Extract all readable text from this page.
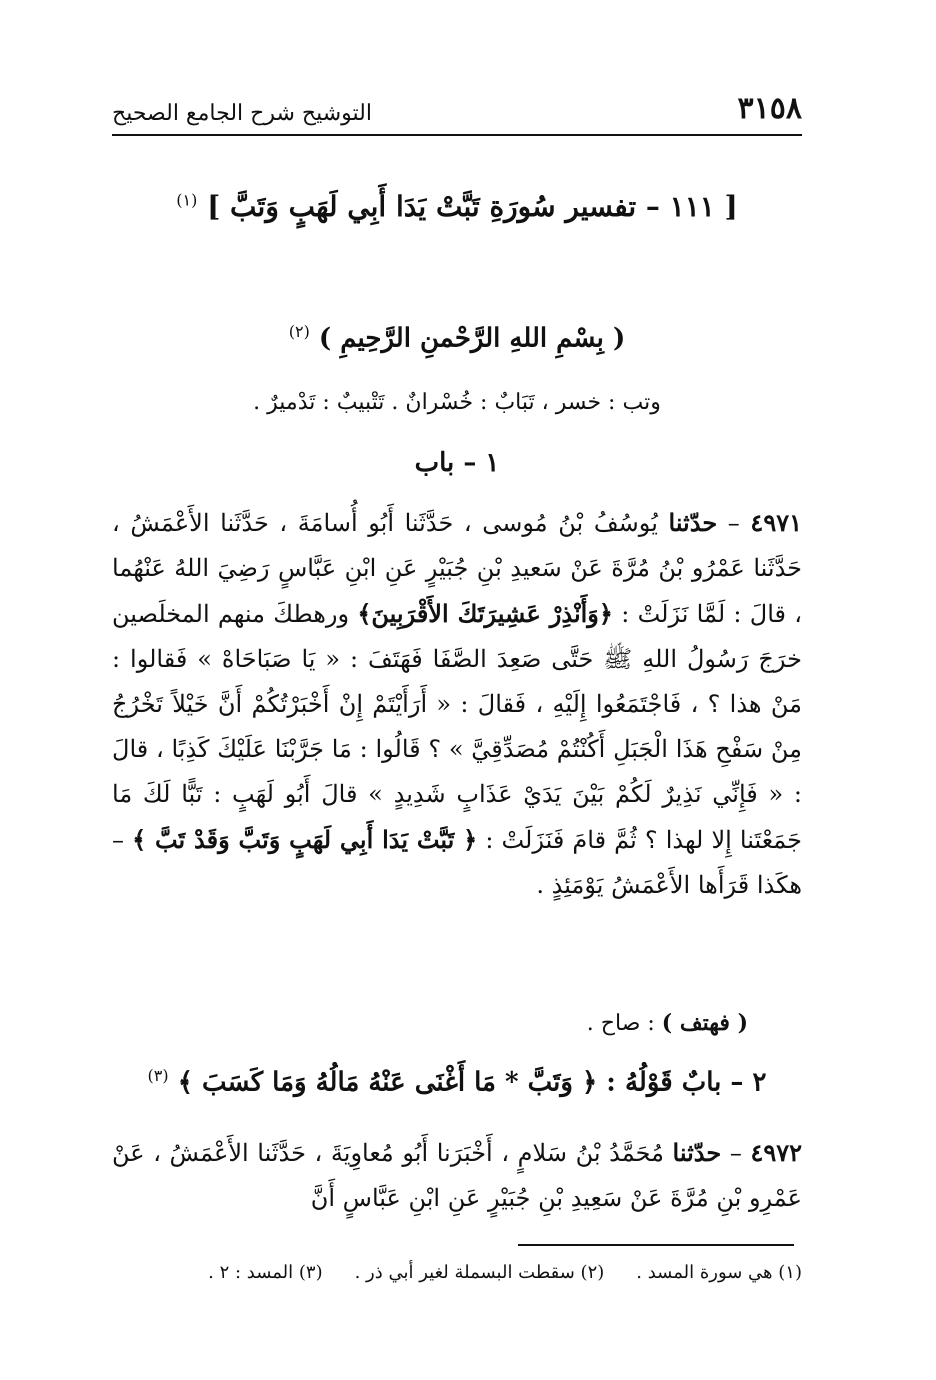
٣١٥٨
التوشيح شرح الجامع الصحيح
[ ١١١ – تفسير سُورَةِ تَبَّتْ يَدَا أَبِي لَهَبٍ وَتَبَّ ] $^{(١)}$
( بِسْمِ اللهِ الرَّحْمنِ الرَّحِيمِ ) $^{(٢)}$
وتب : خسر ، تَبَابٌ : خُسْرانٌ . تَتْبيبٌ : تَدْميرٌ .
١ – باب
٤٩٧١ – حدّثنا يُوسُفُ بْنُ مُوسى ، حَدَّثَنا أَبُو أُسامَةَ ، حَدَّثَنا الأَعْمَشُ ، حَدَّثَنا عَمْرُو بْنُ مُرَّةَ عَنْ سَعيدِ بْنِ جُبَيْرٍ عَنِ ابْنِ عَبَّاسٍ رَضِيَ اللهُ عَنْهُما ، قالَ : لَمَّا نَزَلَتْ : ﴿وَأَنْذِرْ عَشِيرَتَكَ الأَقْرَبِينَ﴾ ورهطكَ منهم المخلَصين خرَجَ رَسُولُ اللهِ ﷺ حَتَّى صَعِدَ الصَّفَا فَهَتَفَ : « يَا صَبَاحَاهْ » فَقالوا : مَنْ هذا ؟ ، فَاجْتَمَعُوا إِلَيْهِ ، فَقالَ : « أَرَأَيْتَمْ إِنْ أَخْبَرْتُكُمْ أَنَّ خَيْلاً تَخْرُجُ مِنْ سَفْحِ هَذَا الْجَبَلِ أَكُنْتُمْ مُصَدِّقِيَّ » ؟ قَالُوا : مَا جَرَّبْنَا عَلَيْكَ كَذِبًا ، قالَ : « فَإِنِّي نَذِيرٌ لَكُمْ بَيْنَ يَدَيْ عَذَابٍ شَدِيدٍ » قالَ أَبُو لَهَبٍ : تَبًّا لَكَ مَا جَمَعْتَنا إِلا لهذا ؟ ثُمَّ قامَ فَنَزَلَتْ : ﴿ تَبَّتْ يَدَا أَبِي لَهَبٍ وَتَبَّ وَقَدْ تَبَّ ﴾ – هكَذا قَرَأَها الأَعْمَشُ يَوْمَئِذٍ .
( فهتف ) : صاح .
٢ – بابٌ قَوْلُهُ : ﴿ وَتَبَّ * مَا أَغْنَى عَنْهُ مَالُهُ وَمَا كَسَبَ ﴾ $^{(٣)}$
٤٩٧٢ – حدّثنا مُحَمَّدُ بْنُ سَلامٍ ، أَخْبَرَنا أَبُو مُعاوِيَةَ ، حَدَّثَنا الأَعْمَشُ ، عَنْ عَمْرِو بْنِ مُرَّةَ عَنْ سَعِيدِ بْنِ جُبَيْرٍ عَنِ ابْنِ عَبَّاسٍ أَنَّ
(١) هي سورة المسد .
(٢) سقطت البسملة لغير أبي ذر .
(٣) المسد : ٢ .
